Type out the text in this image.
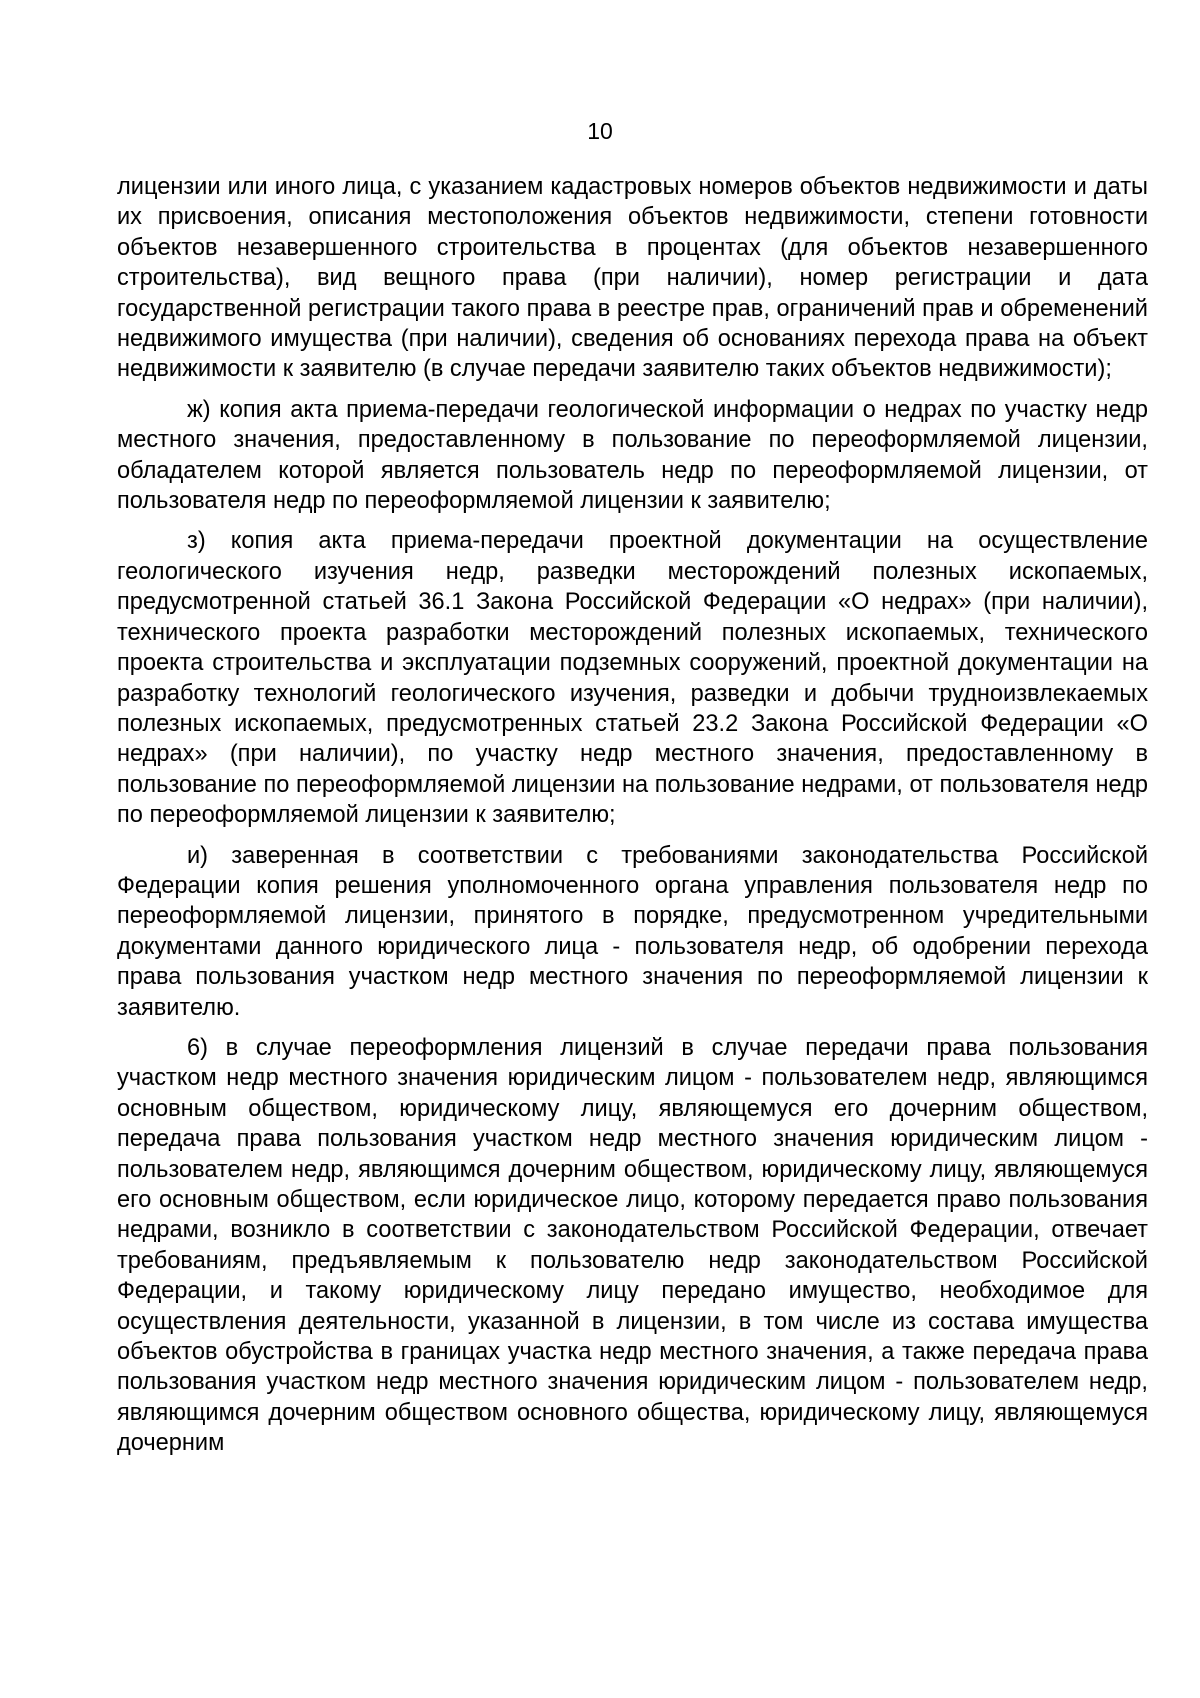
10

лицензии или иного лица, с указанием кадастровых номеров объектов недвижимости и даты их присвоения, описания местоположения объектов недвижимости, степени готовности объектов незавершенного строительства в процентах (для объектов незавершенного строительства), вид вещного права (при наличии), номер регистрации и дата государственной регистрации такого права в реестре прав, ограничений прав и обременений недвижимого имущества (при наличии), сведения об основаниях перехода права на объект недвижимости к заявителю (в случае передачи заявителю таких объектов недвижимости);

ж) копия акта приема-передачи геологической информации о недрах по участку недр местного значения, предоставленному в пользование по переоформляемой лицензии, обладателем которой является пользователь недр по переоформляемой лицензии, от пользователя недр по переоформляемой лицензии к заявителю;

з) копия акта приема-передачи проектной документации на осуществление геологического изучения недр, разведки месторождений полезных ископаемых, предусмотренной статьей 36.1 Закона Российской Федерации «О недрах» (при наличии), технического проекта разработки месторождений полезных ископаемых, технического проекта строительства и эксплуатации подземных сооружений, проектной документации на разработку технологий геологического изучения, разведки и добычи трудноизвлекаемых полезных ископаемых, предусмотренных статьей 23.2 Закона Российской Федерации «О недрах» (при наличии), по участку недр местного значения, предоставленному в пользование по переоформляемой лицензии на пользование недрами, от пользователя недр по переоформляемой лицензии к заявителю;

и) заверенная в соответствии с требованиями законодательства Российской Федерации копия решения уполномоченного органа управления пользователя недр по переоформляемой лицензии, принятого в порядке, предусмотренном учредительными документами данного юридического лица - пользователя недр, об одобрении перехода права пользования участком недр местного значения по переоформляемой лицензии к заявителю.

6) в случае переоформления лицензий в случае передачи права пользования участком недр местного значения юридическим лицом - пользователем недр, являющимся основным обществом, юридическому лицу, являющемуся его дочерним обществом, передача права пользования участком недр местного значения юридическим лицом - пользователем недр, являющимся дочерним обществом, юридическому лицу, являющемуся его основным обществом, если юридическое лицо, которому передается право пользования недрами, возникло в соответствии с законодательством Российской Федерации, отвечает требованиям, предъявляемым к пользователю недр законодательством Российской Федерации, и такому юридическому лицу передано имущество, необходимое для осуществления деятельности, указанной в лицензии, в том числе из состава имущества объектов обустройства в границах участка недр местного значения, а также передача права пользования участком недр местного значения юридическим лицом - пользователем недр, являющимся дочерним обществом основного общества, юридическому лицу, являющемуся дочерним
